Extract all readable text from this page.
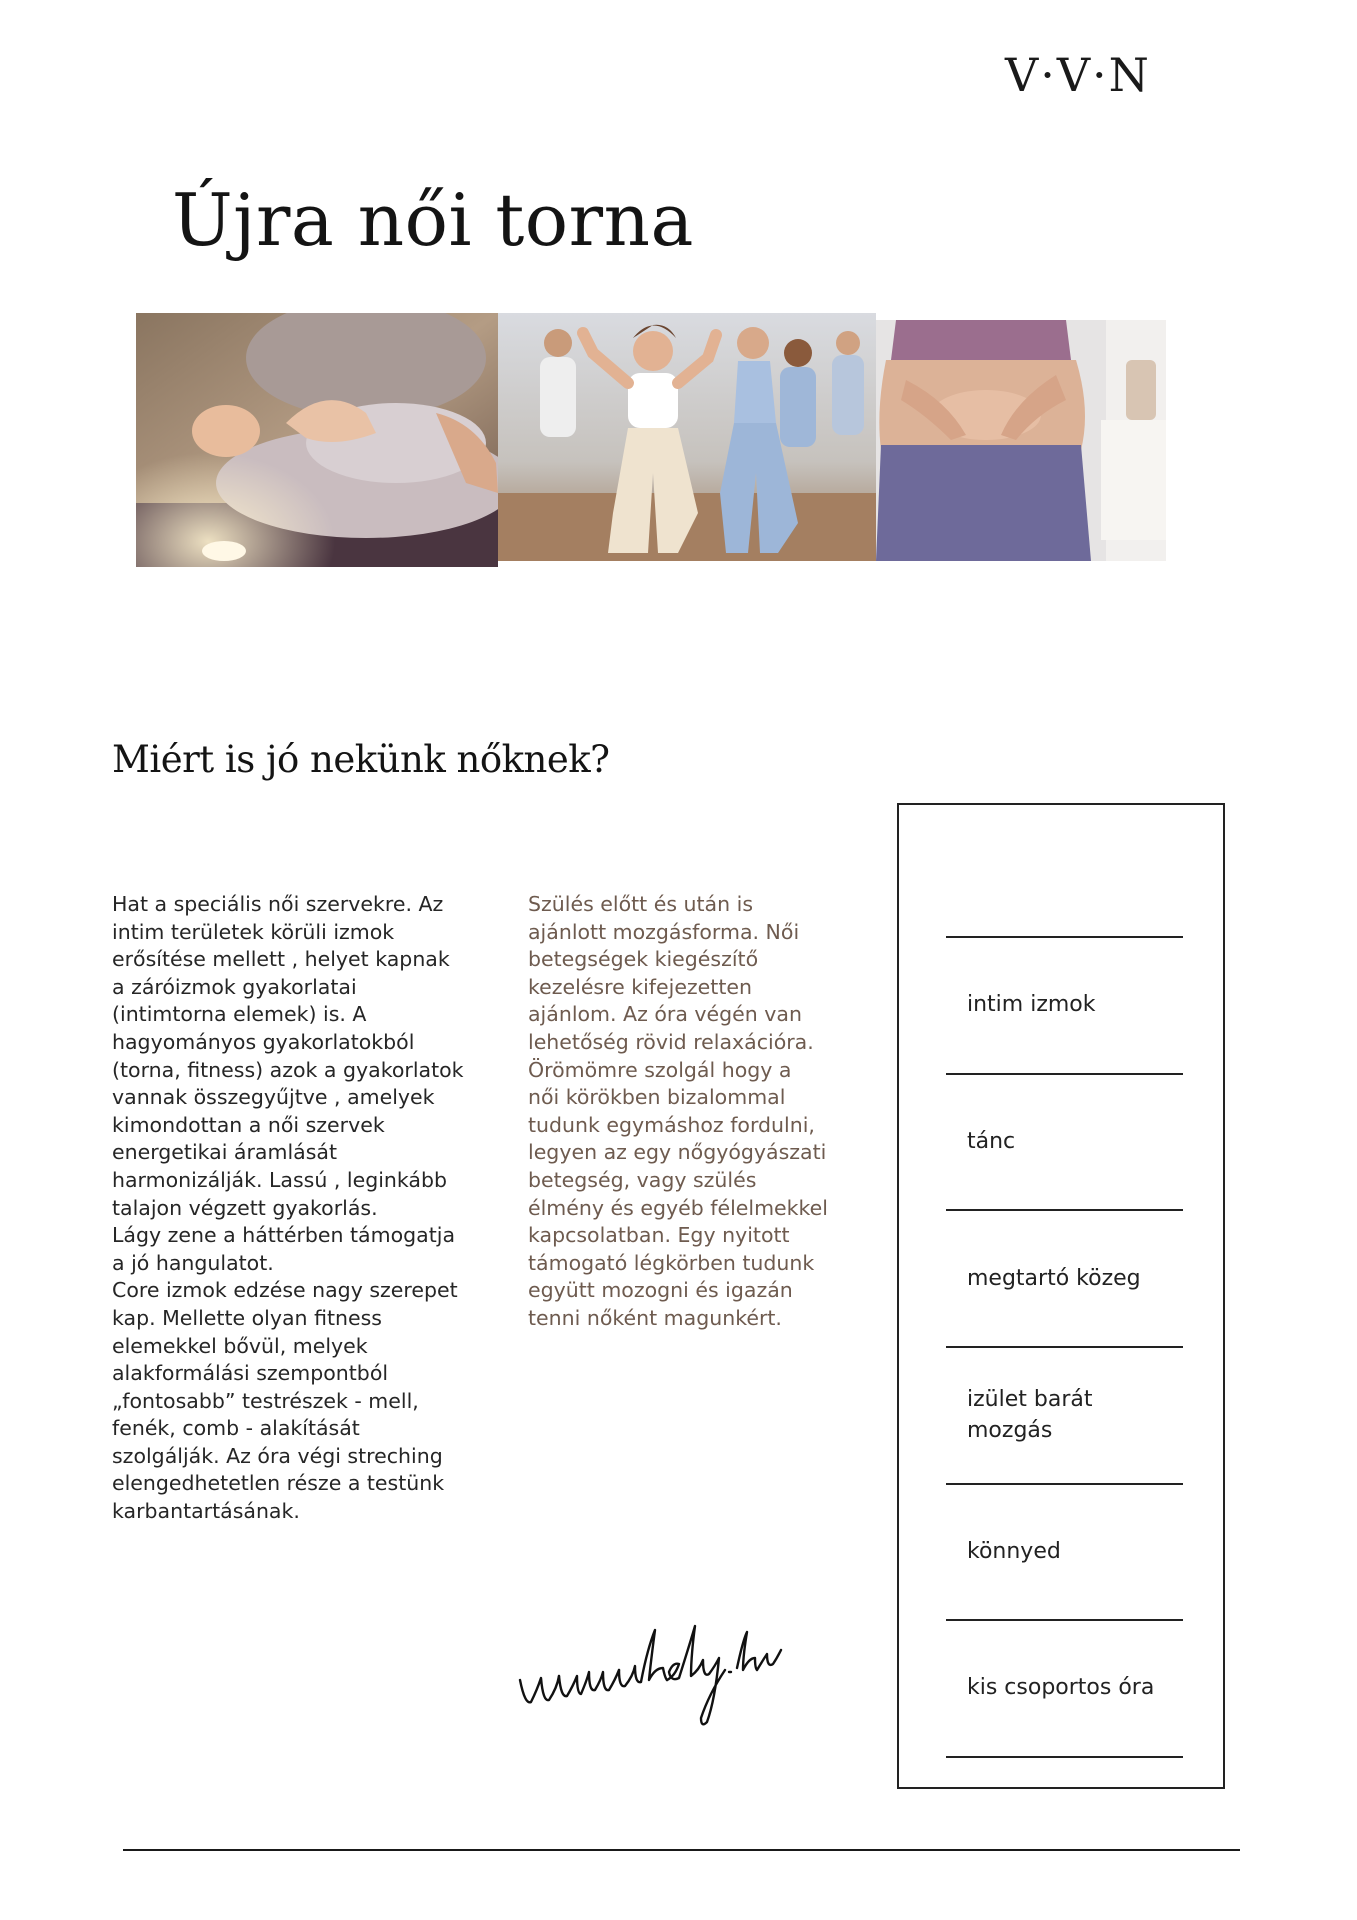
V·V·N
Újra női torna
Miért is jó nekünk nőknek?

Hat a speciális női szervekre. Az
intim területek körüli izmok
erősítése mellett , helyet kapnak
a záróizmok gyakorlatai
(intimtorna elemek) is. A
hagyományos gyakorlatokból
(torna, fitness) azok a gyakorlatok
vannak összegyűjtve , amelyek
kimondottan a női szervek
energetikai áramlását
harmonizálják. Lassú , leginkább
talajon végzett gyakorlás.
Lágy zene a háttérben támogatja
a jó hangulatot.
Core izmok edzése nagy szerepet
kap. Mellette olyan fitness
elemekkel bővül, melyek
alakformálási szempontból
„fontosabb” testrészek - mell,
fenék, comb - alakítását
szolgálják. Az óra végi streching
elengedhetetlen része a testünk
karbantartásának.

Szülés előtt és után is
ajánlott mozgásforma. Női
betegségek kiegészítő
kezelésre kifejezetten
ajánlom. Az óra végén van
lehetőség rövid relaxációra.
Örömömre szolgál hogy a
női körökben bizalommal
tudunk egymáshoz fordulni,
legyen az egy nőgyógyászati
betegség, vagy szülés
élmény és egyéb félelmekkel
kapcsolatban. Egy nyitott
támogató légkörben tudunk
együtt mozogni és igazán
tenni nőként magunkért.

intim izmok
tánc
megtartó közeg
izület barát
mozgás
könnyed
kis csoportos óra
